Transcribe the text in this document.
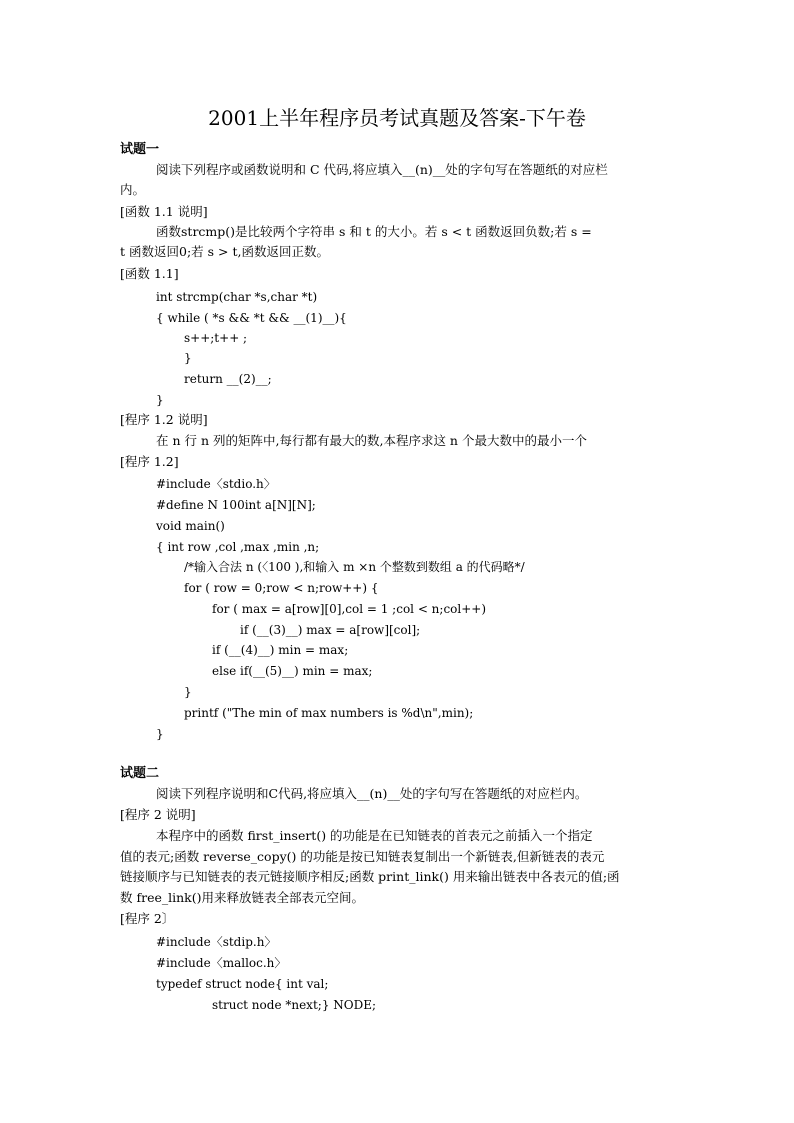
2001上半年程序员考试真题及答案-下午卷
试题一
阅读下列程序或函数说明和 C 代码,将应填入__(n)__处的字句写在答题纸的对应栏
内。
[函数 1.1 说明]
函数strcmp()是比较两个字符串 s 和 t 的大小。若 s < t 函数返回负数;若 s =
t 函数返回0;若 s > t,函数返回正数。
[函数 1.1]
int strcmp(char *s,char *t)
{ while ( *s && *t && __(1)__){
s++;t++ ;
}
return __(2)__;
}
[程序 1.2 说明]
在 n 行 n 列的矩阵中,每行都有最大的数,本程序求这 n 个最大数中的最小一个
[程序 1.2]
#include〈stdio.h〉
#define N 100int a[N][N];
void main()
{ int row ,col ,max ,min ,n;
/*输入合法 n (〈100 ),和输入 m ×n 个整数到数组 a 的代码略*/
for ( row = 0;row < n;row++) {
for ( max = a[row][0],col = 1 ;col < n;col++)
if (__(3)__) max = a[row][col];
if (__(4)__) min = max;
else if(__(5)__) min = max;
}
printf ("The min of max numbers is %d\n",min);
}
试题二
阅读下列程序说明和C代码,将应填入__(n)__处的字句写在答题纸的对应栏内。
[程序 2 说明]
本程序中的函数 first_insert() 的功能是在已知链表的首表元之前插入一个指定
值的表元;函数 reverse_copy() 的功能是按已知链表复制出一个新链表,但新链表的表元
链接顺序与已知链表的表元链接顺序相反;函数 print_link() 用来输出链表中各表元的值;函
数 free_link()用来释放链表全部表元空间。
[程序 2〕
#include〈stdip.h〉
#include〈malloc.h〉
typedef struct node{ int val;
struct node *next;} NODE;
